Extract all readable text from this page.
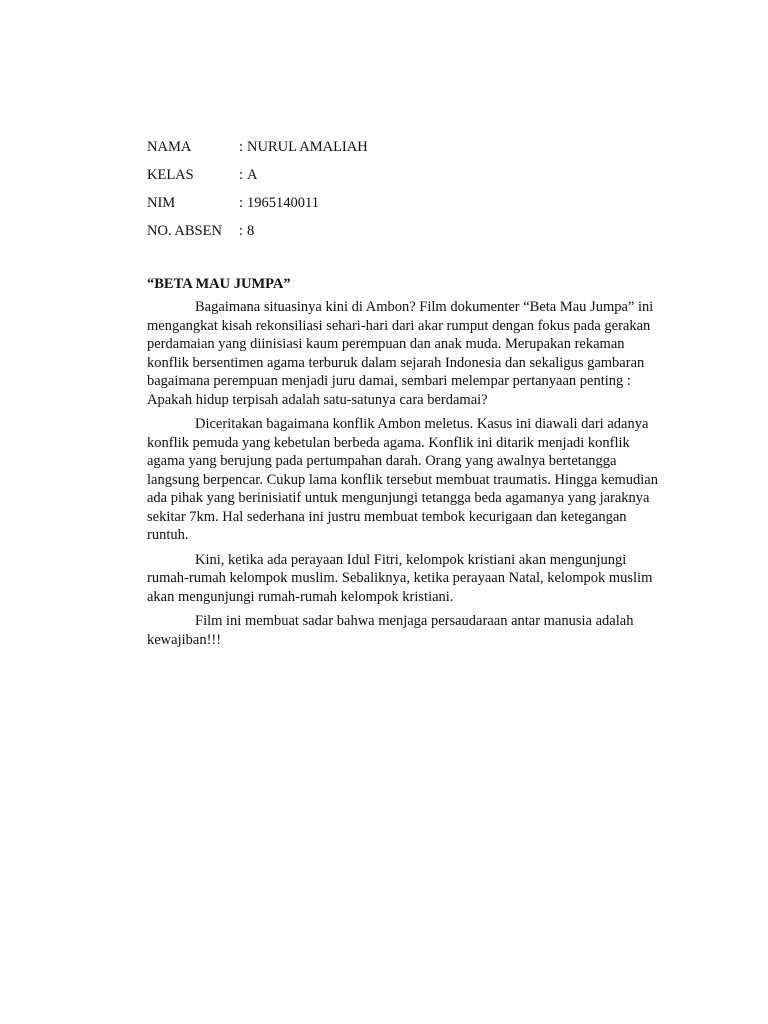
NAMA	: NURUL AMALIAH
KELAS	: A
NIM	: 1965140011
NO. ABSEN : 8
“BETA MAU JUMPA”

Bagaimana situasinya kini di Ambon? Film dokumenter “Beta Mau Jumpa” ini mengangkat kisah rekonsiliasi sehari-hari dari akar rumput dengan fokus pada gerakan perdamaian yang diinisiasi kaum perempuan dan anak muda. Merupakan rekaman konflik bersentimen agama terburuk dalam sejarah Indonesia dan sekaligus gambaran bagaimana perempuan menjadi juru damai, sembari melempar pertanyaan penting : Apakah hidup terpisah adalah satu-satunya cara berdamai?

Diceritakan bagaimana konflik Ambon meletus. Kasus ini diawali dari adanya konflik pemuda yang kebetulan berbeda agama. Konflik ini ditarik menjadi konflik agama yang berujung pada pertumpahan darah. Orang yang awalnya bertetangga langsung berpencar. Cukup lama konflik tersebut membuat traumatis. Hingga kemudian ada pihak yang berinisiatif untuk mengunjungi tetangga beda agamanya yang jaraknya sekitar 7km. Hal sederhana ini justru membuat tembok kecurigaan dan ketegangan runtuh.

Kini, ketika ada perayaan Idul Fitri, kelompok kristiani akan mengunjungi rumah-rumah kelompok muslim. Sebaliknya, ketika perayaan Natal, kelompok muslim akan mengunjungi rumah-rumah kelompok kristiani.

Film ini membuat sadar bahwa menjaga persaudaraan antar manusia adalah kewajiban!!!
